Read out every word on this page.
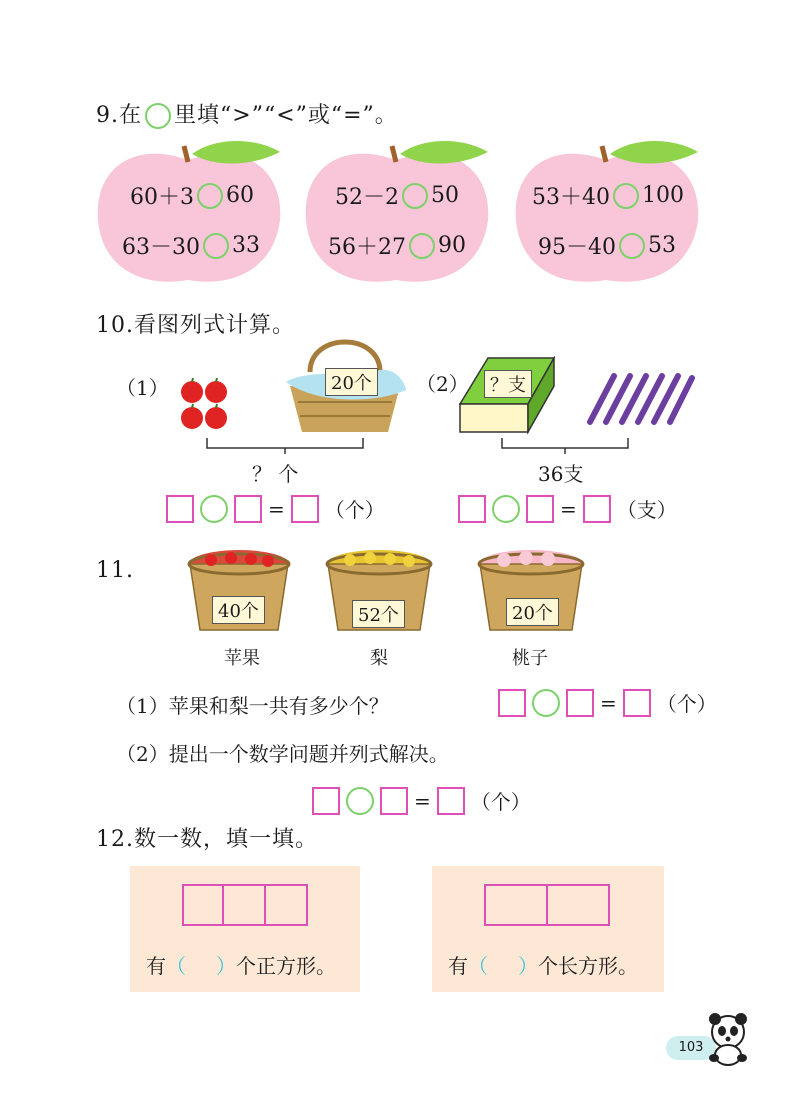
9.在 里填“>”“<”或“=”。
60＋3 60
63－30 33
52－2 50
56＋27 90
53＋40 100
95－40 53
10.看图列式计算。
（1）	20个
？ 个
= （个）
（2）	？支
36支
= （支）
11.
40个	52个	20个
苹果	梨	桃子
（1）苹果和梨一共有多少个？	= （个）
（2）提出一个数学问题并列式解决。
= （个）
12.数一数，填一填。
有（ ）个正方形。	有（ ）个长方形。
103
